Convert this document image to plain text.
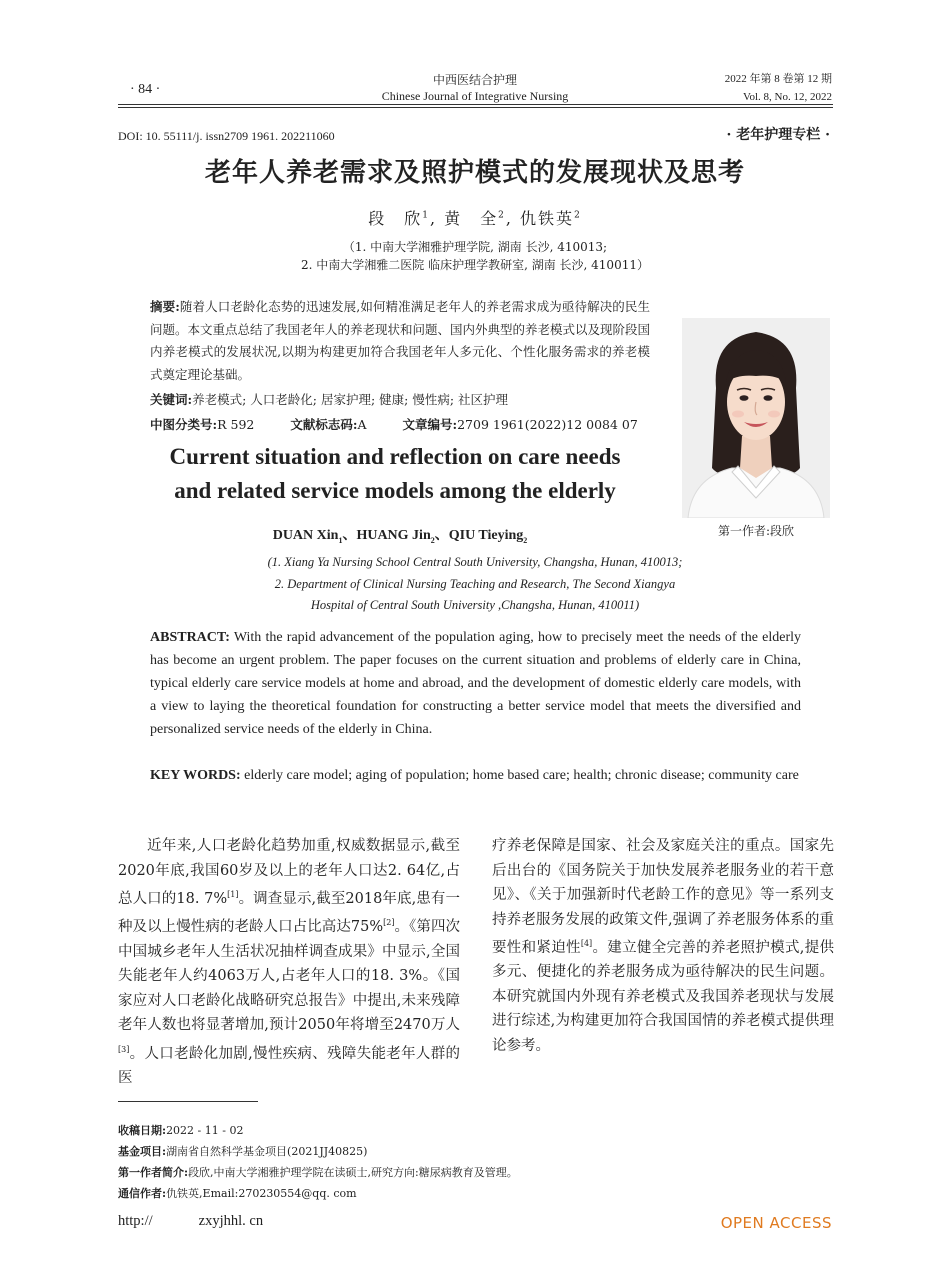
· 84 ·
中西医结合护理
Chinese Journal of Integrative Nursing
2022 年第 8 卷第 12 期
Vol. 8, No. 12, 2022
DOI: 10. 55111/j. issn2709 1961. 202211060	· 老年护理专栏 ·
老年人养老需求及照护模式的发展现状及思考
段　欣$^1$, 黄　全$^2$, 仇铁英$^2$
（1. 中南大学湘雅护理学院, 湖南 长沙, 410013;
2. 中南大学湘雅二医院 临床护理学教研室, 湖南 长沙, 410011）
摘要:随着人口老龄化态势的迅速发展,如何精准满足老年人的养老需求成为亟待解决的民生问题。本文重点总结了我国老年人的养老现状和问题、国内外典型的养老模式以及现阶段国内养老模式的发展状况,以期为构建更加符合我国老年人多元化、个性化服务需求的养老模式奠定理论基础。
关键词:养老模式; 人口老龄化; 居家护理; 健康; 慢性病; 社区护理
中图分类号:R 592	文献标志码:A	文章编号:2709 1961(2022)12 0084 07
第一作者:段欣
Current situation and reflection on care needs
and related service models among the elderly
DUAN Xin$_1$、HUANG Jin$_2$、QIU Tieying$_2$
(1. Xiang Ya Nursing School Central South University, Changsha, Hunan, 410013;
2. Department of Clinical Nursing Teaching and Research, The Second Xiangya
Hospital of Central South University ,Changsha, Hunan, 410011)
ABSTRACT: With the rapid advancement of the population aging, how to precisely meet the needs of the elderly has become an urgent problem. The paper focuses on the current situation and problems of elderly care in China, typical elderly care service models at home and abroad, and the development of domestic elderly care models, with a view to laying the theoretical foundation for constructing a better service model that meets the diversified and personalized service needs of the elderly in China.
KEY WORDS: elderly care model; aging of population; home based care; health; chronic disease; community care
近年来,人口老龄化趋势加重,权威数据显示,截至2020年底,我国60岁及以上的老年人口达2. 64亿,占总人口的18. 7%[1]。调查显示,截至2018年底,患有一种及以上慢性病的老龄人口占比高达75%[2]。《第四次中国城乡老年人生活状况抽样调查成果》中显示,全国失能老年人约4063万人,占老年人口的18. 3%。《国家应对人口老龄化战略研究总报告》中提出,未来残障老年人数也将显著增加,预计2050年将增至2470万人[3]。人口老龄化加剧,慢性疾病、残障失能老年人群的医
疗养老保障是国家、社会及家庭关注的重点。国家先后出台的《国务院关于加快发展养老服务业的若干意见》、《关于加强新时代老龄工作的意见》等一系列支持养老服务发展的政策文件,强调了养老服务体系的重要性和紧迫性[4]。建立健全完善的养老照护模式,提供多元、便捷化的养老服务成为亟待解决的民生问题。本研究就国内外现有养老模式及我国养老现状与发展进行综述,为构建更加符合我国国情的养老模式提供理论参考。
收稿日期:2022 - 11 - 02
基金项目:湖南省自然科学基金项目(2021JJ40825)
第一作者简介:段欣,中南大学湘雅护理学院在读硕士,研究方向:糖尿病教育及管理。
通信作者:仇铁英,Email:270230554@qq. com
http://	zxyjhhl. cn	OPEN ACCESS
